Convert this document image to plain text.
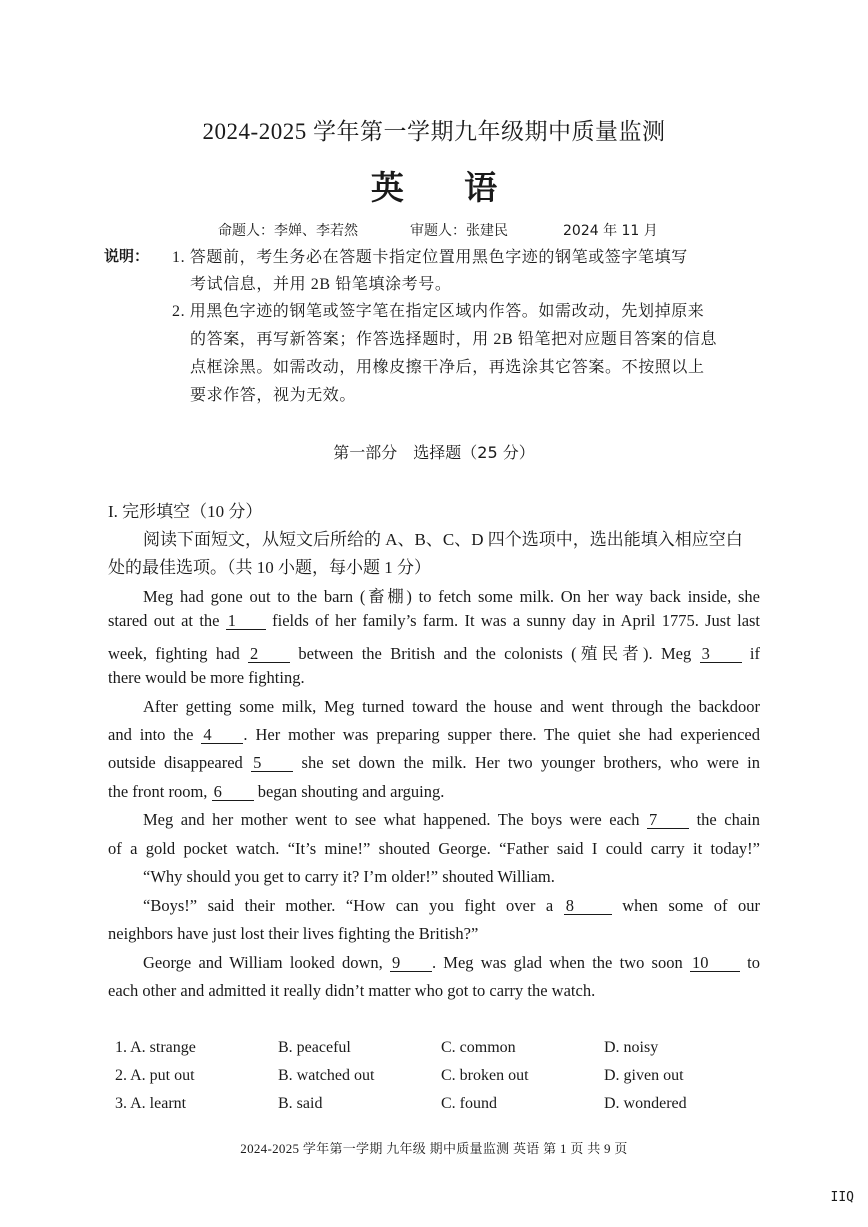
2024-2025 学年第一学期九年级期中质量监测
英 语
命题人：李婵、李若然	审题人：张建民	2024 年 11 月
说明： 1. 答题前，考生务必在答题卡指定位置用黑色字迹的钢笔或签字笔填写
考试信息，并用 2B 铅笔填涂考号。
2. 用黑色字迹的钢笔或签字笔在指定区域内作答。如需改动，先划掉原来
的答案，再写新答案；作答选择题时，用 2B 铅笔把对应题目答案的信息
点框涂黑。如需改动，用橡皮擦干净后，再选涂其它答案。不按照以上
要求作答，视为无效。
第一部分　选择题（25 分）
I. 完形填空（10 分）
阅读下面短文，从短文后所给的 A、B、C、D 四个选项中，选出能填入相应空白
处的最佳选项。（共 10 小题，每小题 1 分）
Meg had gone out to the barn (畜棚) to fetch some milk. On her way back inside, she
stared out at the 1 fields of her family’s farm. It was a sunny day in April 1775. Just last
week, fighting had 2 between the British and the colonists (殖民者). Meg 3 if
there would be more fighting.
After getting some milk, Meg turned toward the house and went through the backdoor
and into the 4 . Her mother was preparing supper there. The quiet she had experienced
outside disappeared 5 she set down the milk. Her two younger brothers, who were in
the front room, 6 began shouting and arguing.
Meg and her mother went to see what happened. The boys were each 7 the chain
of a gold pocket watch. “It’s mine!” shouted George. “Father said I could carry it today!”
“Why should you get to carry it? I’m older!” shouted William.
“Boys!” said their mother. “How can you fight over a 8	when some of our
neighbors have just lost their lives fighting the British?”
George and William looked down, 9 . Meg was glad when the two soon 10 to
each other and admitted it really didn’t matter who got to carry the watch.
1. A. strange	B. peaceful	C. common	D. noisy
2. A. put out	B. watched out	C. broken out	D. given out
3. A. learnt	B. said	C. found	D. wondered
2024-2025 学年第一学期 九年级 期中质量监测 英语 第 1 页 共 9 页
IIQ
